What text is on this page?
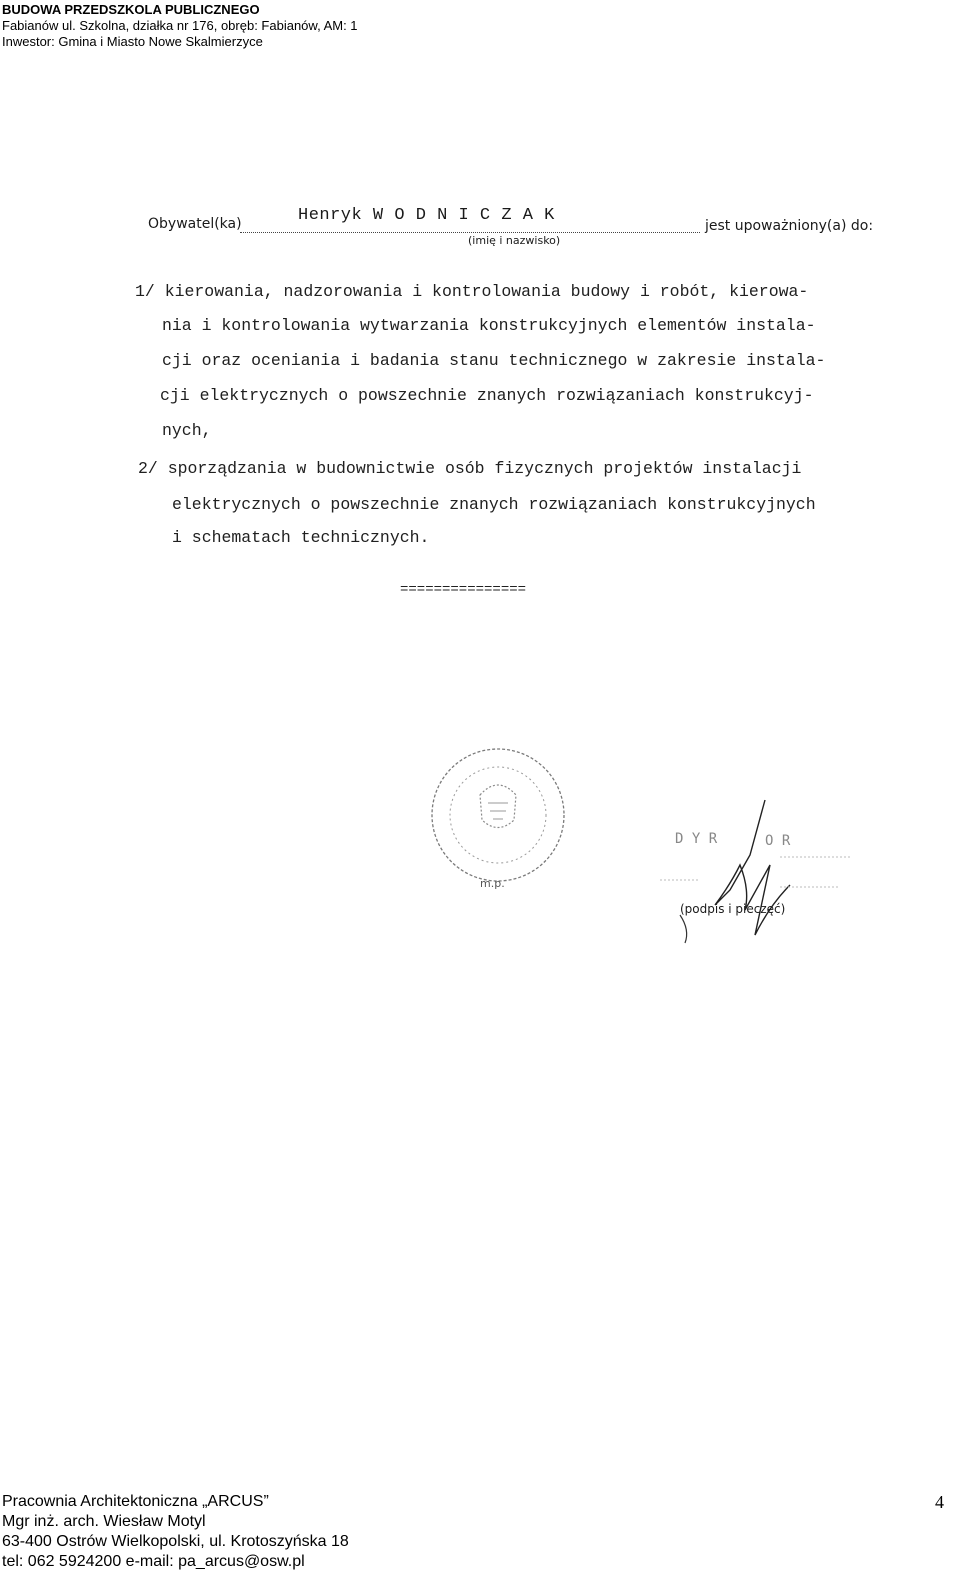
BUDOWA PRZEDSZKOLA PUBLICZNEGO
Fabianów ul. Szkolna, działka nr 176, obręb: Fabianów, AM: 1
Inwestor: Gmina i Miasto Nowe Skalmierzyce
Obywatel(ka)	Henryk W O D N I C Z A K
(imię i nazwisko)
jest upoważniony(a) do:
1/ kierowania, nadzorowania i kontrolowania budowy i robót, kierowa-
nia i kontrolowania wytwarzania konstrukcyjnych elementów instala-
cji oraz oceniania i badania stanu technicznego w zakresie instala-
cji elektrycznych o powszechnie znanych rozwiązaniach konstrukcyj-
nych,
2/ sporządzania w budownictwie osób fizycznych projektów instalacji
elektrycznych o powszechnie znanych rozwiązaniach konstrukcyjnych
i schematach technicznych.
===============
m.p.
D Y R	O R
(podpis i pieczęć)
Pracownia Architektoniczna „ARCUS”
Mgr inż. arch. Wiesław Motyl
63-400 Ostrów Wielkopolski, ul. Krotoszyńska 18
tel: 062 5924200 e-mail: pa_arcus@osw.pl
4
